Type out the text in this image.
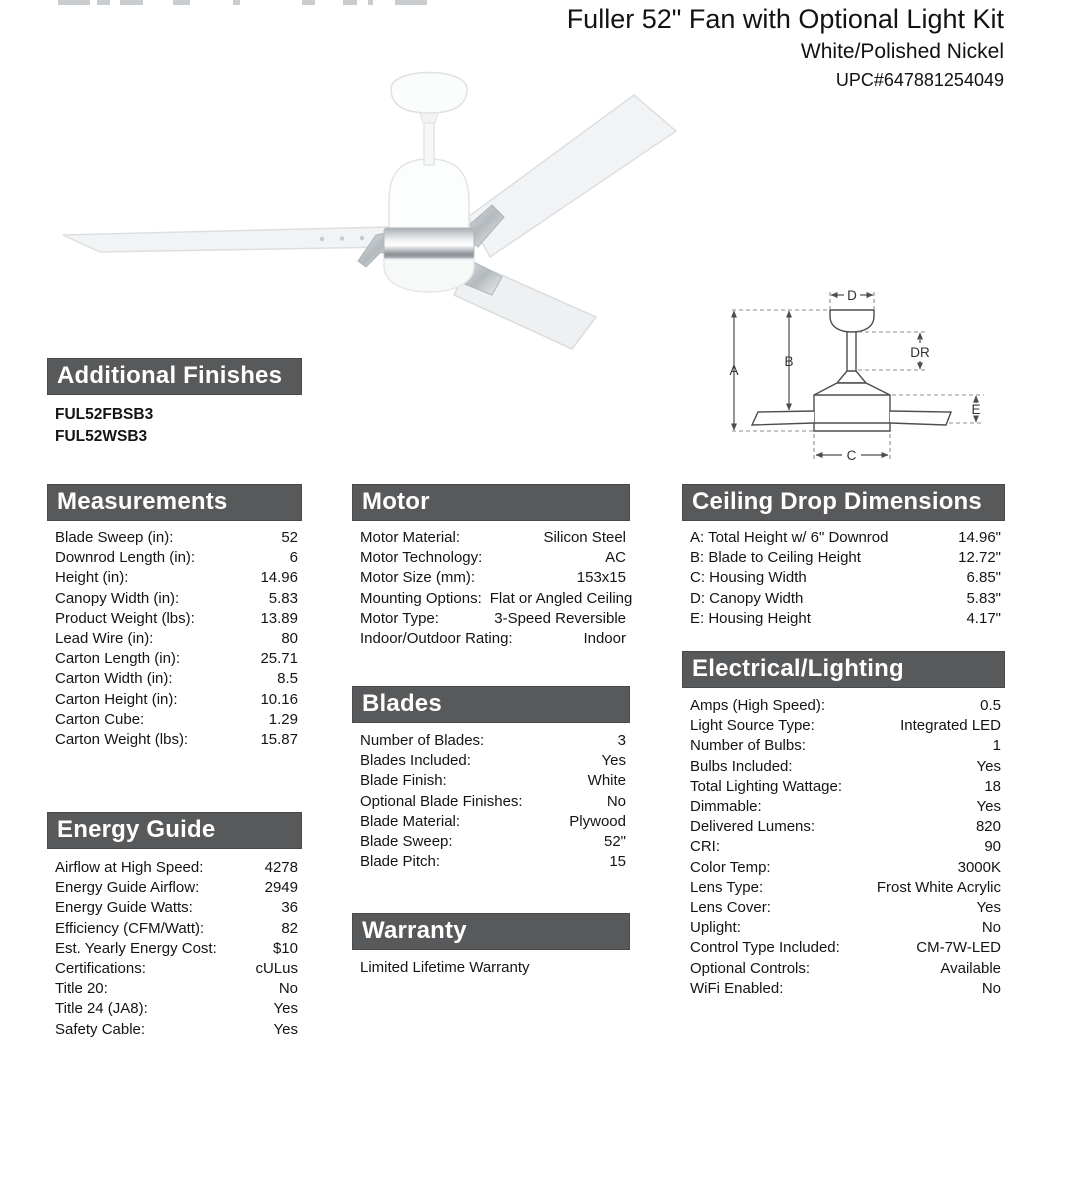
Fuller 52" Fan with Optional Light Kit
White/Polished Nickel
UPC#647881254049
D
A
B
DR
E
C
Additional Finishes
FUL52FBSB3
FUL52WSB3
Measurements
Blade Sweep (in):	52
Downrod Length (in):	6
Height (in):	14.96
Canopy Width (in):	5.83
Product Weight (lbs):	13.89
Lead Wire (in):	80
Carton Length (in):	25.71
Carton Width (in):	8.5
Carton Height (in):	10.16
Carton Cube:	1.29
Carton Weight (lbs):	15.87
Energy Guide
Airflow at High Speed:	4278
Energy Guide Airflow:	2949
Energy Guide Watts:	36
Efficiency (CFM/Watt):	82
Est. Yearly Energy Cost:	$10
Certifications:	cULus
Title 20:	No
Title 24 (JA8):	Yes
Safety Cable:	Yes
Motor
Motor Material:	Silicon Steel
Motor Technology:	AC
Motor Size (mm):	153x15
Mounting Options: Flat or Angled Ceiling
Motor Type:	3-Speed Reversible
Indoor/Outdoor Rating:	Indoor
Blades
Number of Blades:	3
Blades Included:	Yes
Blade Finish:	White
Optional Blade Finishes:	No
Blade Material:	Plywood
Blade Sweep:	52"
Blade Pitch:	15
Warranty
Limited Lifetime Warranty
Ceiling Drop Dimensions
A: Total Height w/ 6" Downrod	14.96"
B: Blade to Ceiling Height	12.72"
C: Housing Width	6.85"
D: Canopy Width	5.83"
E: Housing Height	4.17"
Electrical/Lighting
Amps (High Speed):	0.5
Light Source Type:	Integrated LED
Number of Bulbs:	1
Bulbs Included:	Yes
Total Lighting Wattage:	18
Dimmable:	Yes
Delivered Lumens:	820
CRI:	90
Color Temp:	3000K
Lens Type:	Frost White Acrylic
Lens Cover:	Yes
Uplight:	No
Control Type Included:	CM-7W-LED
Optional Controls:	Available
WiFi Enabled:	No
